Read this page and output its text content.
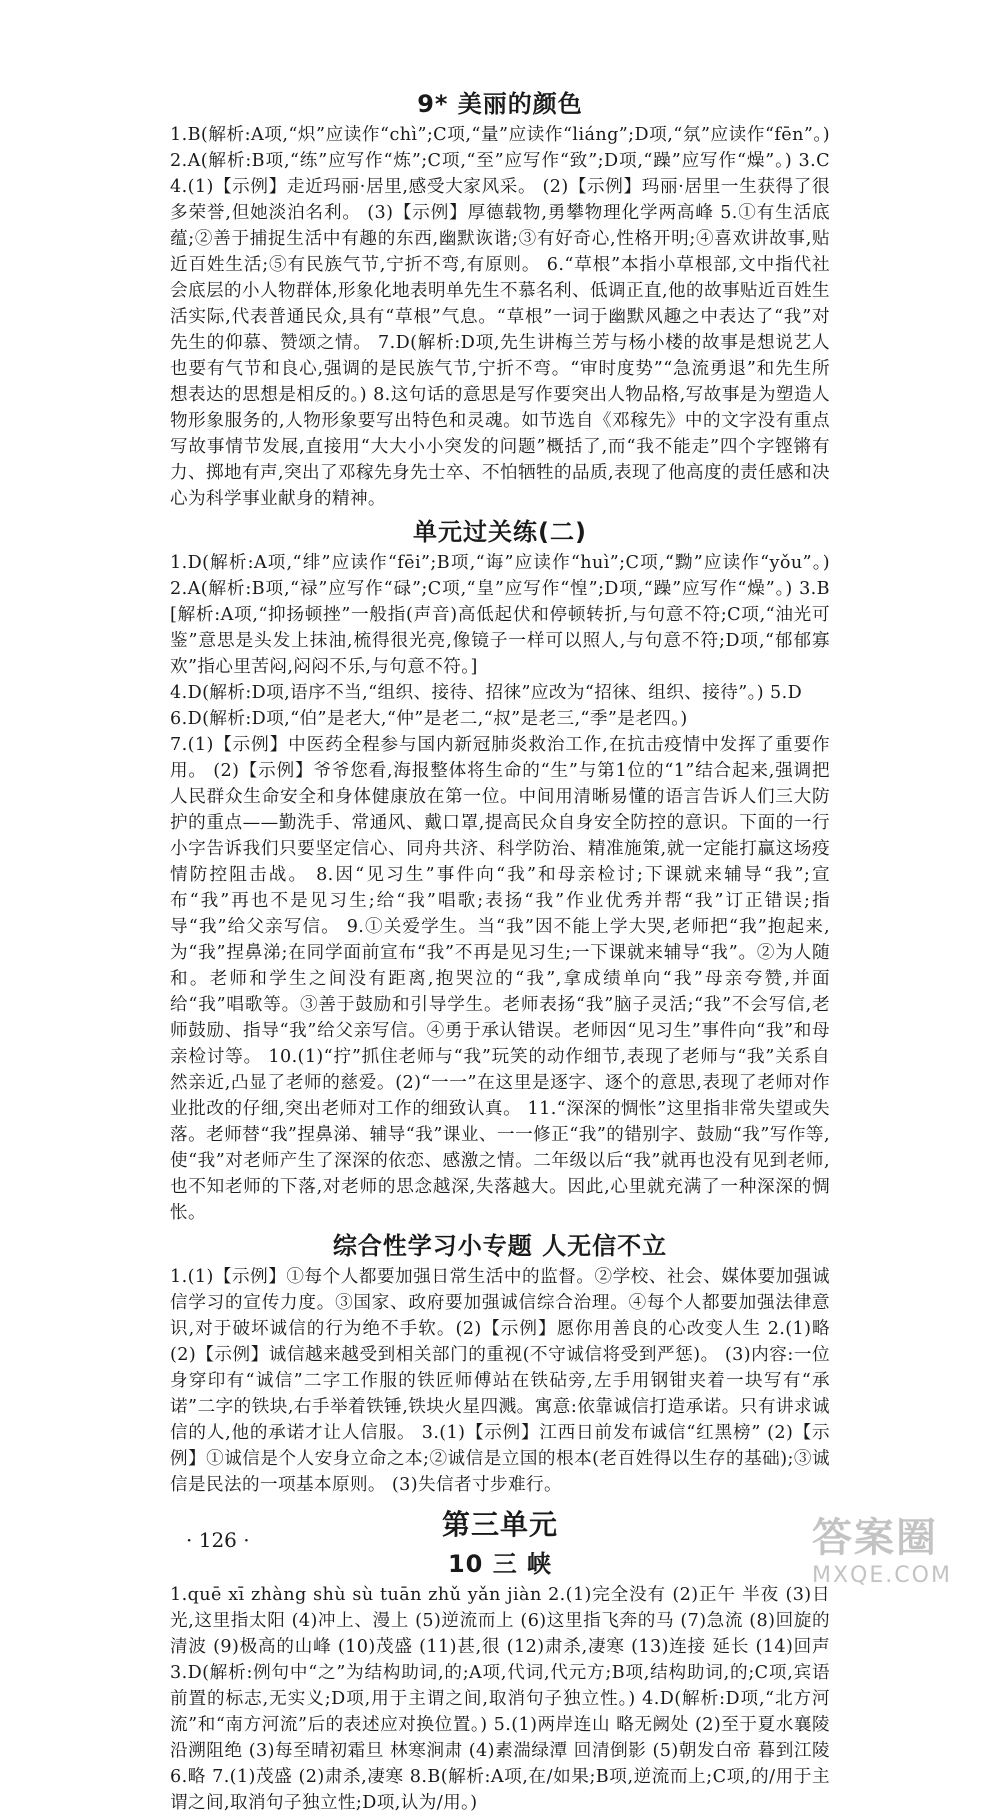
9* 美丽的颜色

1.B(解析:A项,“炽”应读作“chì”;C项,“量”应读作“liáng”;D项,“氛”应读作“fēn”。) 2.A(解析:B项,“练”应写作“炼”;C项,“至”应写作“致”;D项,“躁”应写作“燥”。) 3.C 4.(1)【示例】走近玛丽·居里,感受大家风采。 (2)【示例】玛丽·居里一生获得了很多荣誉,但她淡泊名利。 (3)【示例】厚德载物,勇攀物理化学两高峰 5.①有生活底蕴;②善于捕捉生活中有趣的东西,幽默诙谐;③有好奇心,性格开明;④喜欢讲故事,贴近百姓生活;⑤有民族气节,宁折不弯,有原则。 6.“草根”本指小草根部,文中指代社会底层的小人物群体,形象化地表明单先生不慕名利、低调正直,他的故事贴近百姓生活实际,代表普通民众,具有“草根”气息。“草根”一词于幽默风趣之中表达了“我”对先生的仰慕、赞颂之情。 7.D(解析:D项,先生讲梅兰芳与杨小楼的故事是想说艺人也要有气节和良心,强调的是民族气节,宁折不弯。“审时度势”“急流勇退”和先生所想表达的思想是相反的。) 8.这句话的意思是写作要突出人物品格,写故事是为塑造人物形象服务的,人物形象要写出特色和灵魂。如节选自《邓稼先》中的文字没有重点写故事情节发展,直接用“大大小小突发的问题”概括了,而“我不能走”四个字铿锵有力、掷地有声,突出了邓稼先身先士卒、不怕牺牲的品质,表现了他高度的责任感和决心为科学事业献身的精神。

单元过关练(二)

1.D(解析:A项,“绯”应读作“fēi”;B项,“诲”应读作“huì”;C项,“黝”应读作“yǒu”。) 2.A(解析:B项,“禄”应写作“碌”;C项,“皇”应写作“惶”;D项,“躁”应写作“燥”。) 3.B [解析:A项,“抑扬顿挫”一般指(声音)高低起伏和停顿转折,与句意不符;C项,“油光可鉴”意思是头发上抹油,梳得很光亮,像镜子一样可以照人,与句意不符;D项,“郁郁寡欢”指心里苦闷,闷闷不乐,与句意不符。]

4.D(解析:D项,语序不当,“组织、接待、招徕”应改为“招徕、组织、接待”。) 5.D

6.D(解析:D项,“伯”是老大,“仲”是老二,“叔”是老三,“季”是老四。)

7.(1)【示例】中医药全程参与国内新冠肺炎救治工作,在抗击疫情中发挥了重要作用。 (2)【示例】爷爷您看,海报整体将生命的“生”与第1位的“1”结合起来,强调把人民群众生命安全和身体健康放在第一位。中间用清晰易懂的语言告诉人们三大防护的重点——勤洗手、常通风、戴口罩,提高民众自身安全防控的意识。下面的一行小字告诉我们只要坚定信心、同舟共济、科学防治、精准施策,就一定能打赢这场疫情防控阻击战。 8.因“见习生”事件向“我”和母亲检讨;下课就来辅导“我”;宣布“我”再也不是见习生;给“我”唱歌;表扬“我”作业优秀并帮“我”订正错误;指导“我”给父亲写信。 9.①关爱学生。当“我”因不能上学大哭,老师把“我”抱起来,为“我”捏鼻涕;在同学面前宣布“我”不再是见习生;一下课就来辅导“我”。②为人随和。老师和学生之间没有距离,抱哭泣的“我”,拿成绩单向“我”母亲夸赞,并面给“我”唱歌等。③善于鼓励和引导学生。老师表扬“我”脑子灵活;“我”不会写信,老师鼓励、指导“我”给父亲写信。④勇于承认错误。老师因“见习生”事件向“我”和母亲检讨等。 10.(1)“拧”抓住老师与“我”玩笑的动作细节,表现了老师与“我”关系自然亲近,凸显了老师的慈爱。(2)“一一”在这里是逐字、逐个的意思,表现了老师对作业批改的仔细,突出老师对工作的细致认真。 11.“深深的惆怅”这里指非常失望或失落。老师替“我”捏鼻涕、辅导“我”课业、一一修正“我”的错别字、鼓励“我”写作等,使“我”对老师产生了深深的依恋、感激之情。二年级以后“我”就再也没有见到老师,也不知老师的下落,对老师的思念越深,失落越大。因此,心里就充满了一种深深的惆怅。

综合性学习小专题 人无信不立

1.(1)【示例】①每个人都要加强日常生活中的监督。②学校、社会、媒体要加强诚信学习的宣传力度。③国家、政府要加强诚信综合治理。④每个人都要加强法律意识,对于破坏诚信的行为绝不手软。(2)【示例】愿你用善良的心改变人生 2.(1)略 (2)【示例】诚信越来越受到相关部门的重视(不守诚信将受到严惩)。 (3)内容:一位身穿印有“诚信”二字工作服的铁匠师傅站在铁砧旁,左手用钢钳夹着一块写有“承诺”二字的铁块,右手举着铁锤,铁块火星四溅。寓意:依靠诚信打造承诺。只有讲求诚信的人,他的承诺才让人信服。 3.(1)【示例】江西日前发布诚信“红黑榜” (2)【示例】①诚信是个人安身立命之本;②诚信是立国的根本(老百姓得以生存的基础);③诚信是民法的一项基本原则。 (3)失信者寸步难行。

第三单元
10 三 峡

1.quē xī zhàng shù sù tuān zhǔ yǎn jiàn 2.(1)完全没有 (2)正午 半夜 (3)日光,这里指太阳 (4)冲上、漫上 (5)逆流而上 (6)这里指飞奔的马 (7)急流 (8)回旋的清波 (9)极高的山峰 (10)茂盛 (11)甚,很 (12)肃杀,凄寒 (13)连接 延长 (14)回声 3.D(解析:例句中“之”为结构助词,的;A项,代词,代元方;B项,结构助词,的;C项,宾语前置的标志,无实义;D项,用于主谓之间,取消句子独立性。) 4.D(解析:D项,“北方河流”和“南方河流”后的表述应对换位置。) 5.(1)两岸连山 略无阙处 (2)至于夏水襄陵 沿溯阻绝 (3)每至晴初霜旦 林寒涧肃 (4)素湍绿潭 回清倒影 (5)朝发白帝 暮到江陵 6.略 7.(1)茂盛 (2)肃杀,凄寒 8.B(解析:A项,在/如果;B项,逆流而上;C项,的/用于主谓之间,取消句子独立性;D项,认为/用。)

· 126 ·	答案圈
MXQE.COM
